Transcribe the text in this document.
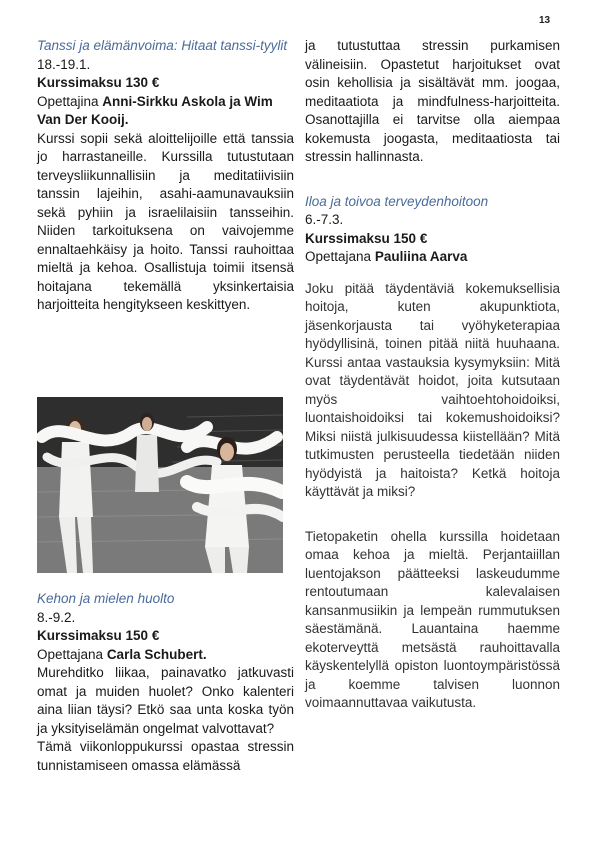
13

Tanssi ja elämänvoima: Hitaat tanssi-tyylit

18.-19.1.

Kurssimaksu 130 €

Opettajina Anni-Sirkku Askola ja Wim Van Der Kooij.

Kurssi sopii sekä aloittelijoille että tanssia jo harrastaneille. Kurssilla tutustutaan terveysliikunnallisiin ja meditatiivisiin tanssin lajeihin, asahi-aamunavauksiin sekä pyhiin ja israelilaisiin tansseihin. Niiden tarkoituksena on vaivojemme ennaltaehkäisy ja hoito. Tanssi rauhoittaa mieltä ja kehoa. Osallistuja toimii itsensä hoitajana tekemällä yksinkertaisia harjoitteita hengitykseen keskittyen.

Kehon ja mielen huolto

8.-9.2.

Kurssimaksu 150 €

Opettajana Carla Schubert.

Murehditko liikaa, painavatko jatkuvasti omat ja muiden huolet? Onko kalenteri aina liian täysi? Etkö saa unta koska työn ja yksityiselämän ongelmat valvottavat?

Tämä viikonloppukurssi opastaa stressin tunnistamiseen omassa elämässä

ja tutustuttaa stressin purkamisen välineisiin. Opastetut harjoitukset ovat osin kehollisia ja sisältävät mm. joogaa, meditaatiota ja mindfulness-harjoitteita. Osanottajilla ei tarvitse olla aiempaa kokemusta joogasta, meditaatiosta tai stressin hallinnasta.

Iloa ja toivoa terveydenhoitoon

6.-7.3.

Kurssimaksu 150 €

Opettajana Pauliina Aarva

Joku pitää täydentäviä kokemuksellisia hoitoja, kuten akupunktiota, jäsenkorjausta tai vyöhyketerapiaa hyödyllisinä, toinen pitää niitä huuhaana. Kurssi antaa vastauksia kysymyksiin: Mitä ovat täydentävät hoidot, joita kutsutaan myös vaihtoehtohoidoiksi, luontaishoidoiksi tai kokemushoidoiksi? Miksi niistä julkisuudessa kiistellään? Mitä tutkimusten perusteella tiedetään niiden hyödyistä ja haitoista? Ketkä hoitoja käyttävät ja miksi?

Tietopaketin ohella kurssilla hoidetaan omaa kehoa ja mieltä. Perjantaiillan luentojakson päätteeksi laskeudumme rentoutumaan kalevalaisen kansanmusiikin ja lempeän rummutuksen säestämänä. Lauantaina haemme ekoterveyttä metsästä rauhoittavalla käyskentelyllä opiston luontoympäristössä ja koemme talvisen luonnon voimaannuttavaa vaikutusta.
